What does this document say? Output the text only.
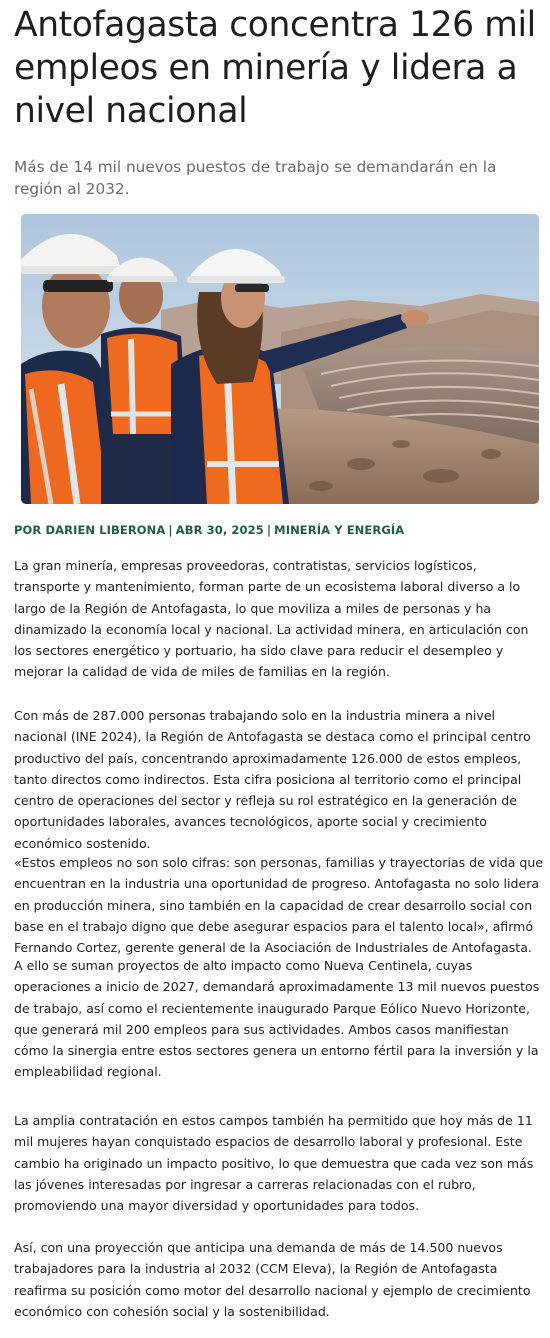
Antofagasta concentra 126 mil empleos en minería y lidera a nivel nacional

Más de 14 mil nuevos puestos de trabajo se demandarán en la región al 2032.

POR DARIEN LIBERONA | ABR 30, 2025 | MINERÍA Y ENERGÍA

La gran minería, empresas proveedoras, contratistas, servicios logísticos, transporte y mantenimiento, forman parte de un ecosistema laboral diverso a lo largo de la Región de Antofagasta, lo que moviliza a miles de personas y ha dinamizado la economía local y nacional. La actividad minera, en articulación con los sectores energético y portuario, ha sido clave para reducir el desempleo y mejorar la calidad de vida de miles de familias en la región.

Con más de 287.000 personas trabajando solo en la industria minera a nivel nacional (INE 2024), la Región de Antofagasta se destaca como el principal centro productivo del país, concentrando aproximadamente 126.000 de estos empleos, tanto directos como indirectos. Esta cifra posiciona al territorio como el principal centro de operaciones del sector y refleja su rol estratégico en la generación de oportunidades laborales, avances tecnológicos, aporte social y crecimiento económico sostenido.

«Estos empleos no son solo cifras: son personas, familias y trayectorias de vida que encuentran en la industria una oportunidad de progreso. Antofagasta no solo lidera en producción minera, sino también en la capacidad de crear desarrollo social con base en el trabajo digno que debe asegurar espacios para el talento local», afirmó Fernando Cortez, gerente general de la Asociación de Industriales de Antofagasta.

A ello se suman proyectos de alto impacto como Nueva Centinela, cuyas operaciones a inicio de 2027, demandará aproximadamente 13 mil nuevos puestos de trabajo, así como el recientemente inaugurado Parque Eólico Nuevo Horizonte, que generará mil 200 empleos para sus actividades. Ambos casos manifiestan cómo la sinergia entre estos sectores genera un entorno fértil para la inversión y la empleabilidad regional.

La amplia contratación en estos campos también ha permitido que hoy más de 11 mil mujeres hayan conquistado espacios de desarrollo laboral y profesional. Este cambio ha originado un impacto positivo, lo que demuestra que cada vez son más las jóvenes interesadas por ingresar a carreras relacionadas con el rubro, promoviendo una mayor diversidad y oportunidades para todos.

Así, con una proyección que anticipa una demanda de más de 14.500 nuevos trabajadores para la industria al 2032 (CCM Eleva), la Región de Antofagasta reafirma su posición como motor del desarrollo nacional y ejemplo de crecimiento económico con cohesión social y la sostenibilidad.
